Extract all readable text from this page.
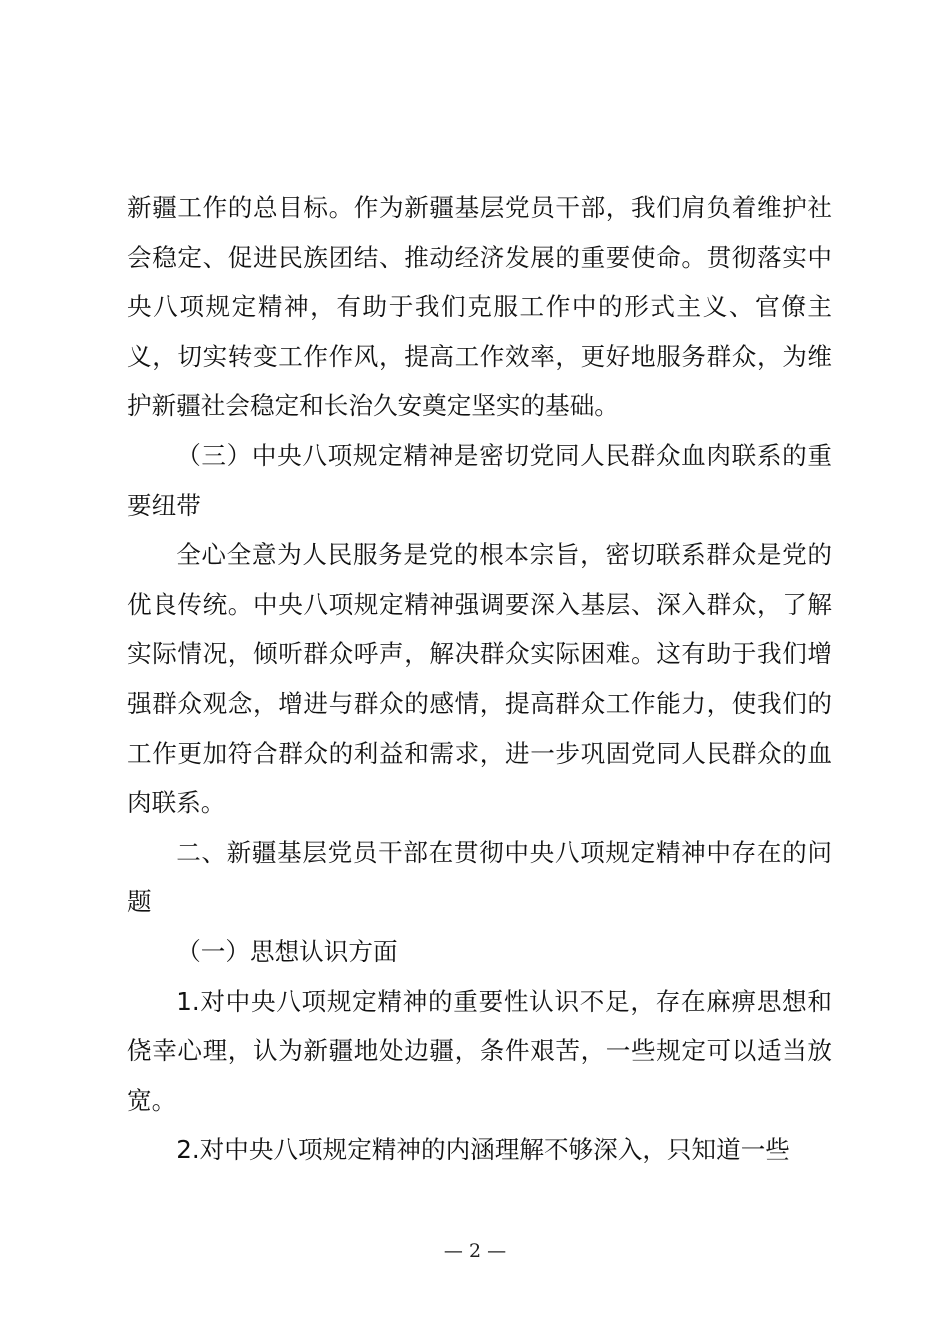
新疆工作的总目标。作为新疆基层党员干部，我们肩负着维护社会稳定、促进民族团结、推动经济发展的重要使命。贯彻落实中央八项规定精神，有助于我们克服工作中的形式主义、官僚主义，切实转变工作作风，提高工作效率，更好地服务群众，为维护新疆社会稳定和长治久安奠定坚实的基础。

（三）中央八项规定精神是密切党同人民群众血肉联系的重要纽带

全心全意为人民服务是党的根本宗旨，密切联系群众是党的优良传统。中央八项规定精神强调要深入基层、深入群众，了解实际情况，倾听群众呼声，解决群众实际困难。这有助于我们增强群众观念，增进与群众的感情，提高群众工作能力，使我们的工作更加符合群众的利益和需求，进一步巩固党同人民群众的血肉联系。

二、新疆基层党员干部在贯彻中央八项规定精神中存在的问题

（一）思想认识方面

1.对中央八项规定精神的重要性认识不足，存在麻痹思想和侥幸心理，认为新疆地处边疆，条件艰苦，一些规定可以适当放宽。

2.对中央八项规定精神的内涵理解不够深入，只知道一些

— 2 —
